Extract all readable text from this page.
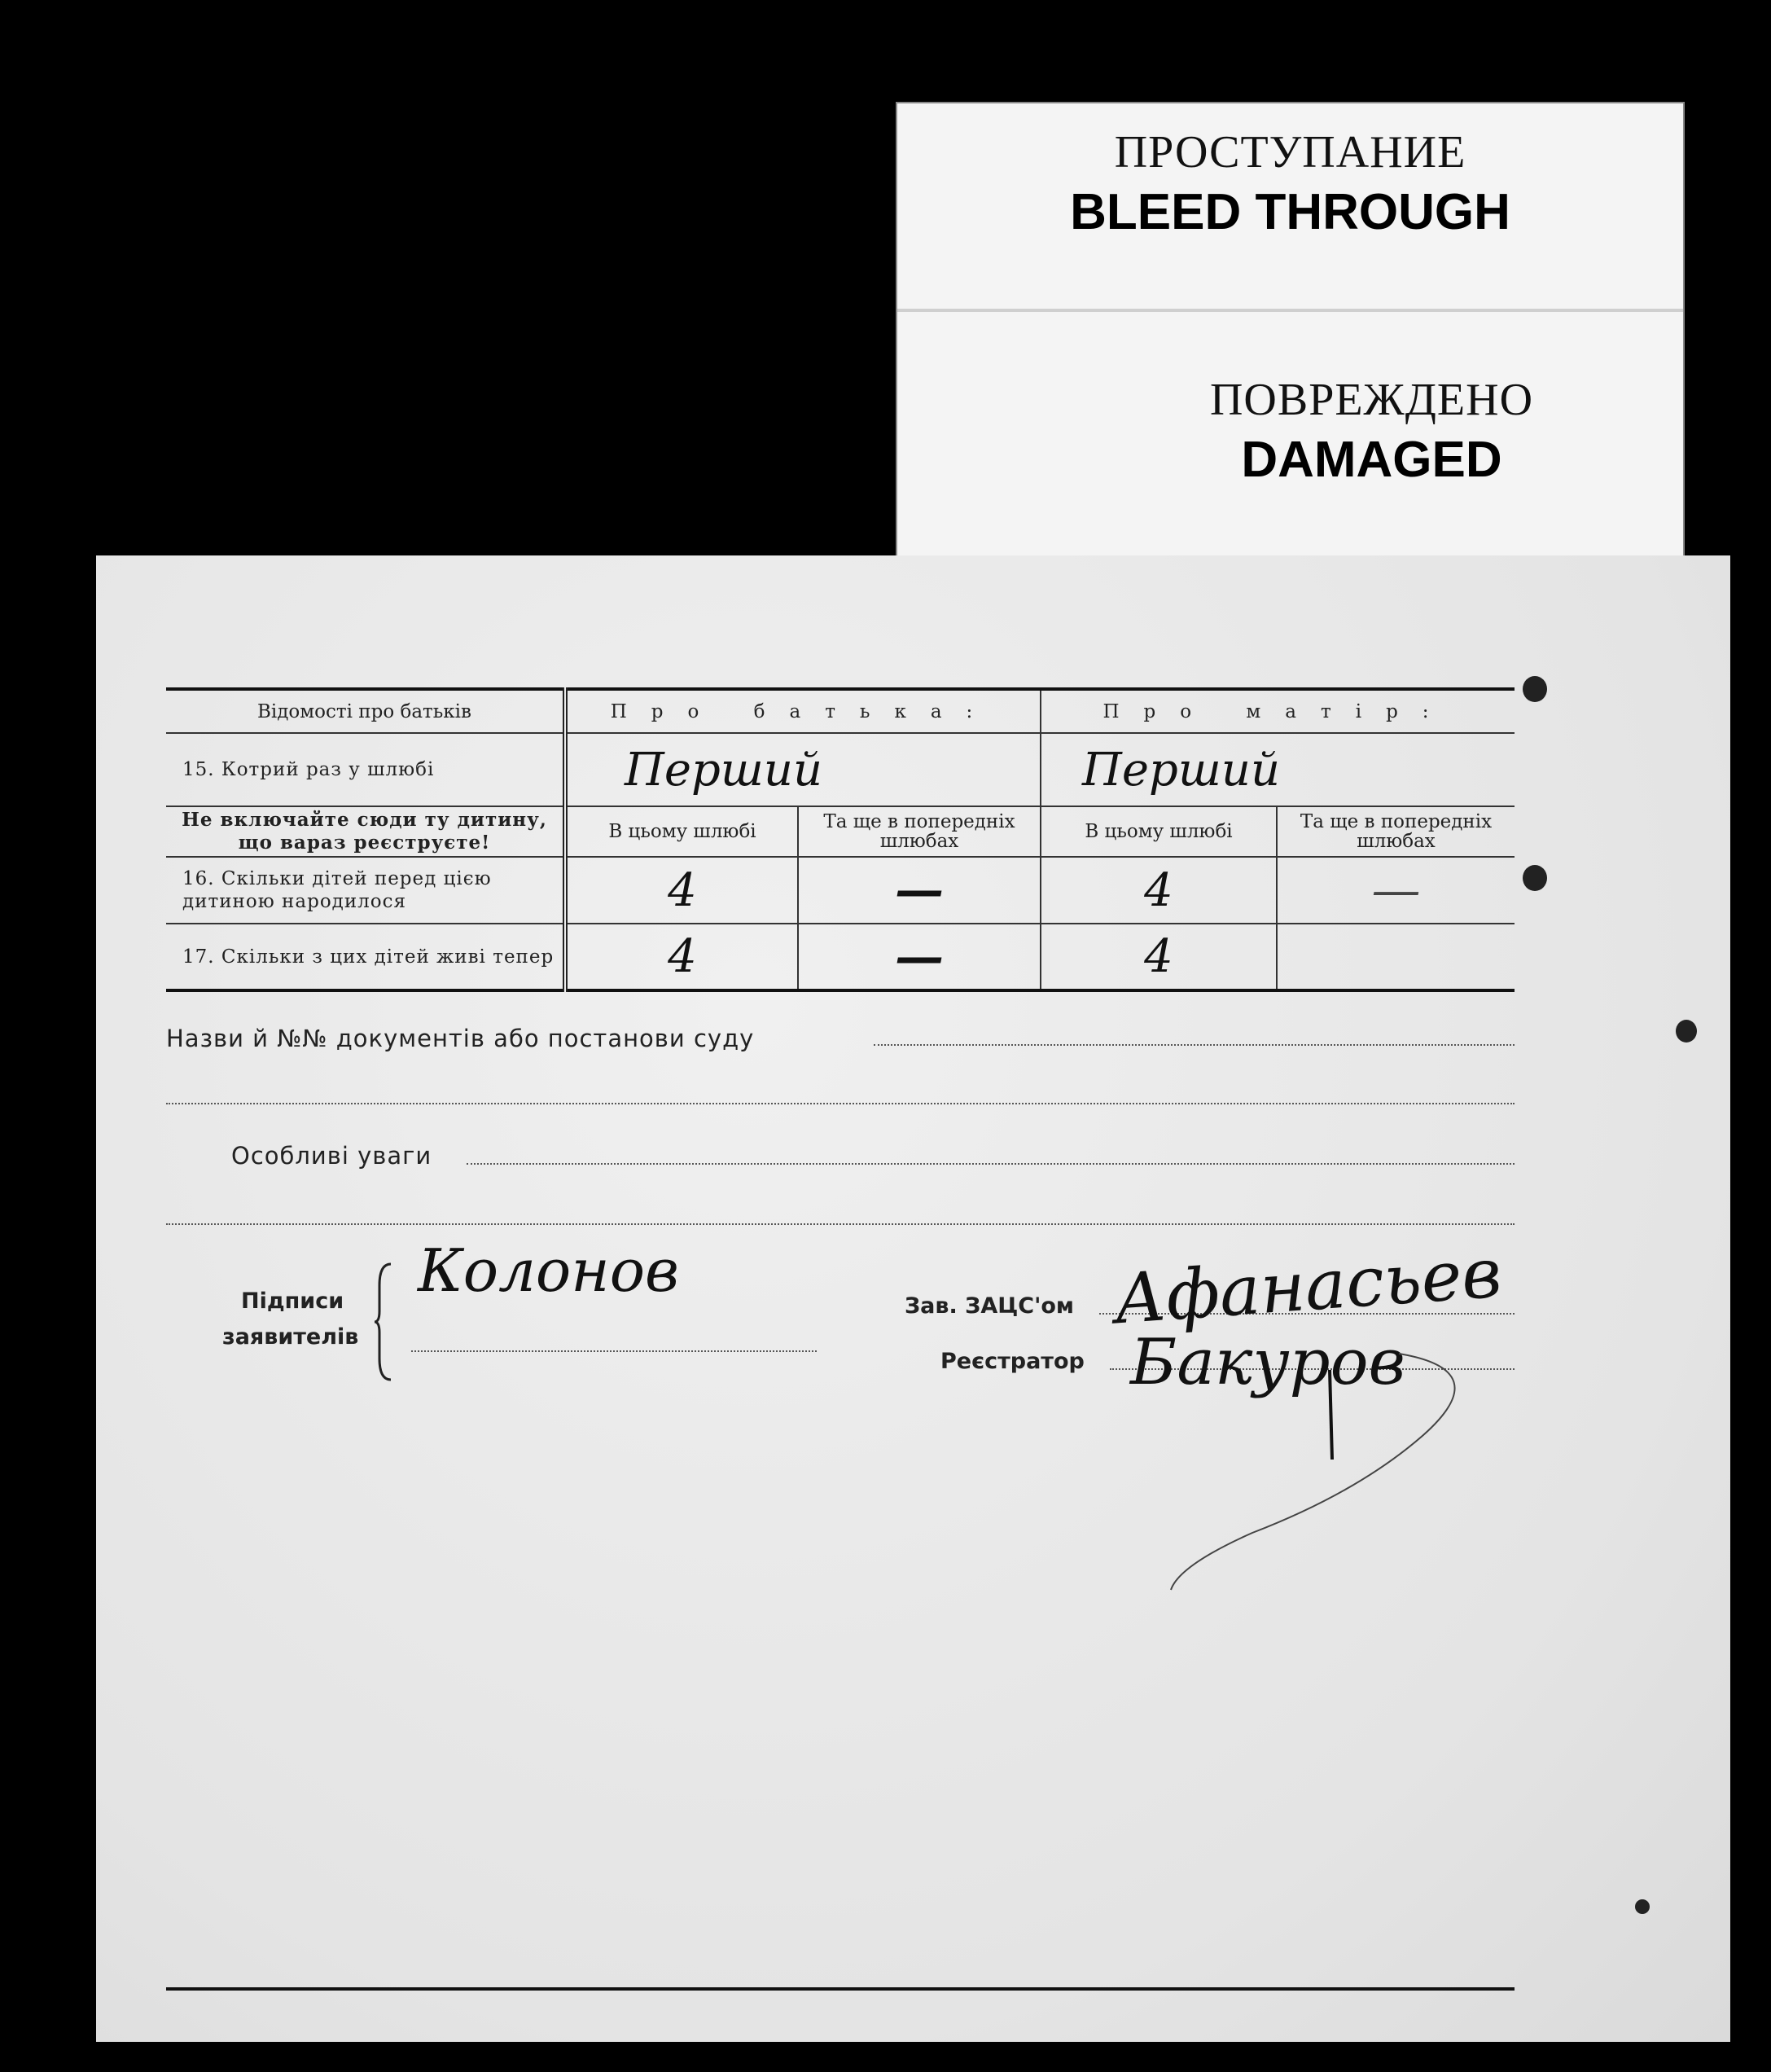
ПРОСТУПАНИЕ
BLEED THROUGH
ПОВРЕЖДЕНО
DAMAGED
Відомості про батьків	Про батька:		Про матір:	
15. Котрий раз у шлюбі	Перший		Перший	
Не включайте сюди ту дитину, що вараз реєструєте!	В цьому шлюбі	Та ще в попередніх шлюбах	В цьому шлюбі	Та ще в попередніх шлюбах
16. Скільки дітей перед цією дитиною народилося	4	—	4	—
17. Скільки з цих дітей живі тепер	4	—	4	
Назви й №№ документів або постанови суду
Особливі уваги
Підписи
заявителів
Колонов
Зав. ЗАЦС'ом Афанасьев
Реєстратор Бакуров
